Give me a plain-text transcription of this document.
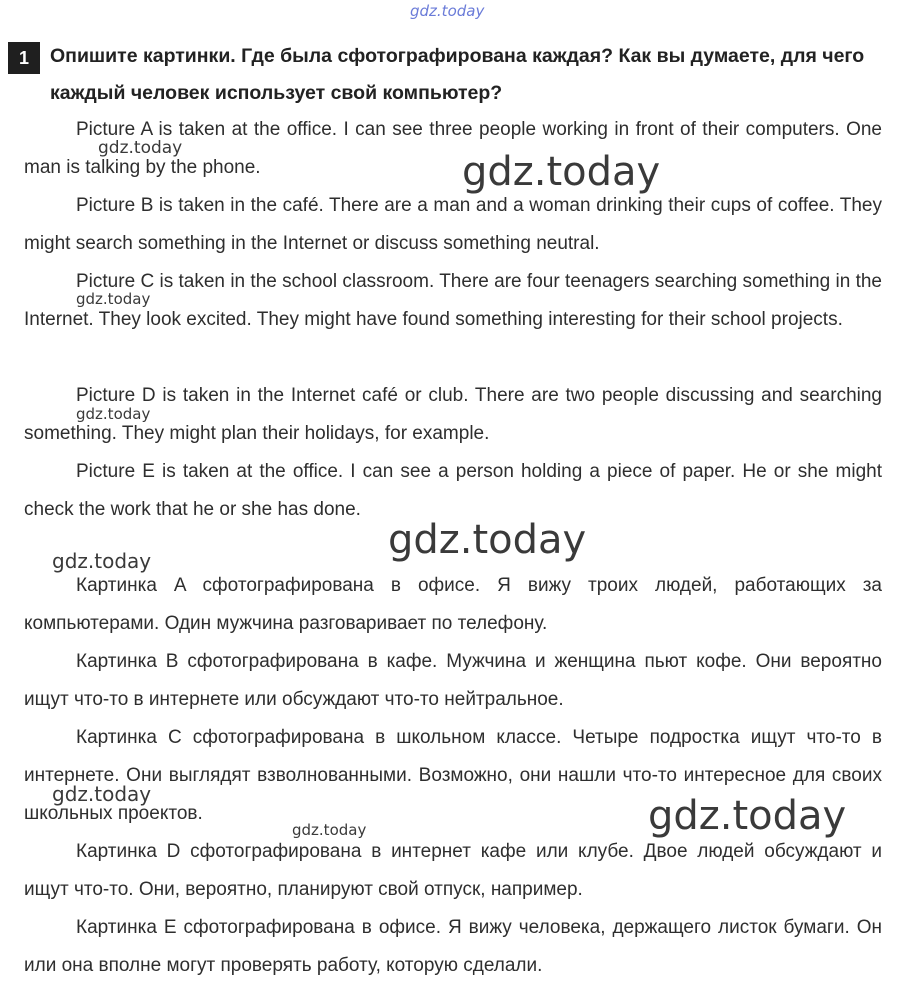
1	Опишите картинки. Где была сфотографирована каждая? Как вы думаете, для чего каждый человек использует свой компьютер?
Picture A is taken at the office. I can see three people working in front of their computers. One man is talking by the phone.
Picture B is taken in the café. There are a man and a woman drinking their cups of coffee. They might search something in the Internet or discuss something neutral.
Picture C is taken in the school classroom. There are four teenagers searching something in the Internet. They look excited. They might have found something interesting for their school projects.
Picture D is taken in the Internet café or club. There are two people discussing and searching something. They might plan their holidays, for example.
Picture E is taken at the office. I can see a person holding a piece of paper. He or she might check the work that he or she has done.
Картинка A сфотографирована в офисе. Я вижу троих людей, работающих за компьютерами. Один мужчина разговаривает по телефону.
Картинка B сфотографирована в кафе. Мужчина и женщина пьют кофе. Они вероятно ищут что-то в интернете или обсуждают что-то нейтральное.
Картинка C сфотографирована в школьном классе. Четыре подростка ищут что-то в интернете. Они выглядят взволнованными. Возможно, они нашли что-то интересное для своих школьных проектов.
Картинка D сфотографирована в интернет кафе или клубе. Двое людей обсуждают и ищут что-то. Они, вероятно, планируют свой отпуск, например.
Картинка E сфотографирована в офисе. Я вижу человека, держащего листок бумаги. Он или она вполне могут проверять работу, которую сделали.
gdz.today
gdz.today
gdz.today
gdz.today
gdz.today
gdz.today
gdz.today
gdz.today	gdz.today
gdz.today
